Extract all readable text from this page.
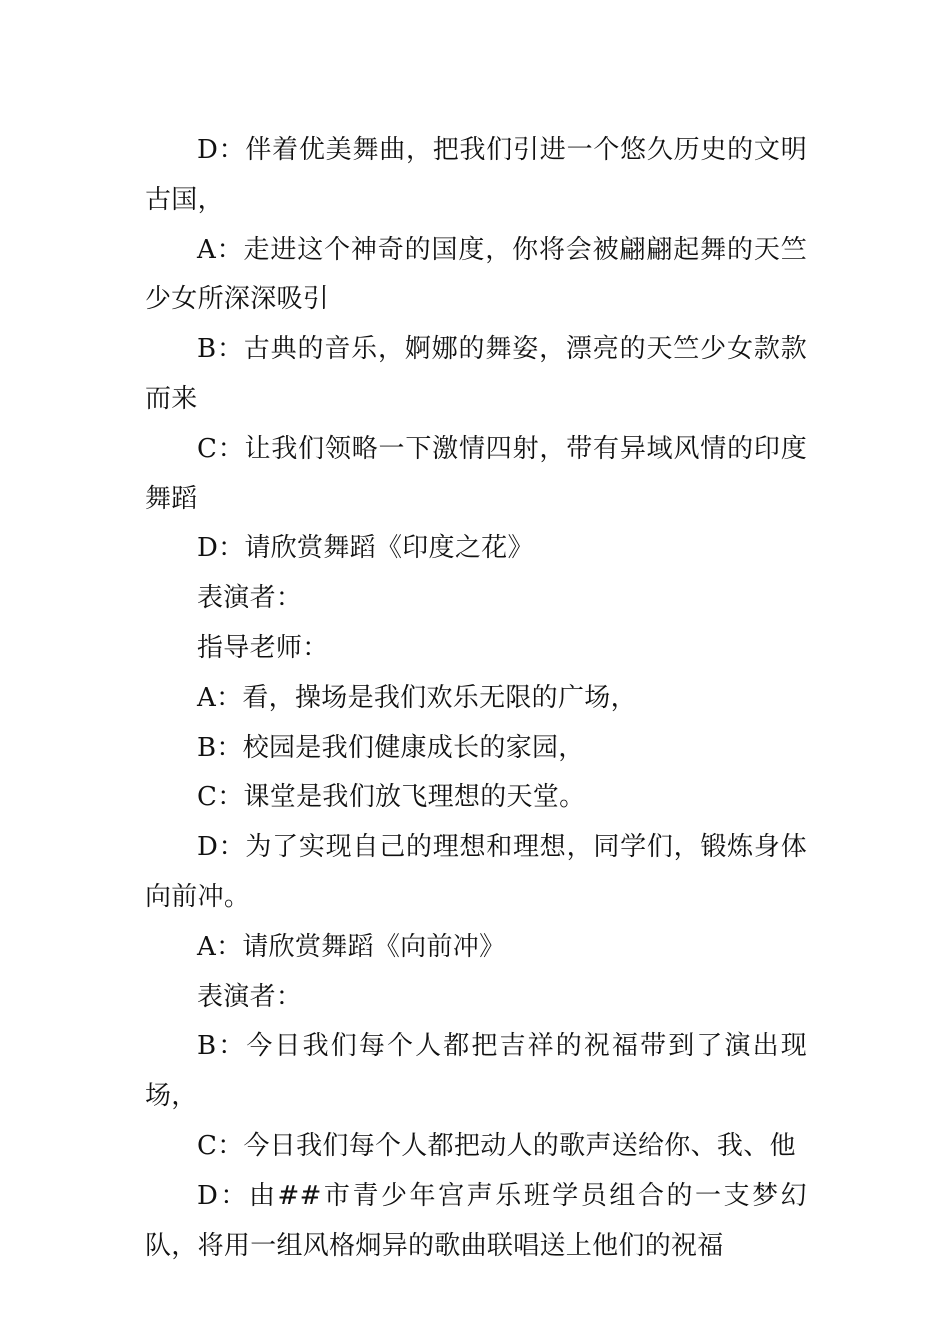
D：伴着优美舞曲，把我们引进一个悠久历史的文明古国，

A：走进这个神奇的国度，你将会被翩翩起舞的天竺少女所深深吸引

B：古典的音乐，婀娜的舞姿，漂亮的天竺少女款款而来

C：让我们领略一下激情四射，带有异域风情的印度舞蹈

D：请欣赏舞蹈《印度之花》

表演者：

指导老师：

A：看，操场是我们欢乐无限的广场，

B：校园是我们健康成长的家园，

C：课堂是我们放飞理想的天堂。

D：为了实现自己的理想和理想，同学们，锻炼身体向前冲。

A：请欣赏舞蹈《向前冲》

表演者：

B：今日我们每个人都把吉祥的祝福带到了演出现场，

C：今日我们每个人都把动人的歌声送给你、我、他

D：由##市青少年宫声乐班学员组合的一支梦幻队，将用一组风格炯异的歌曲联唱送上他们的祝福
